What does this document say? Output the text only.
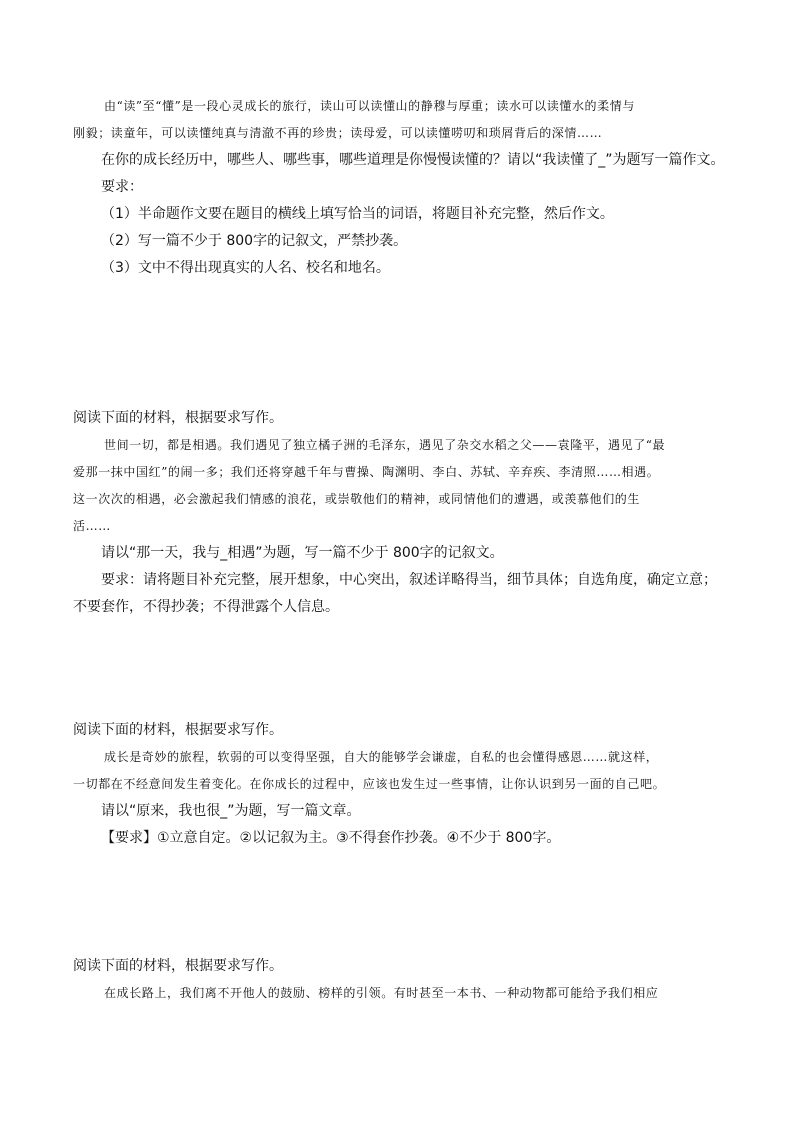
由“读”至“懂”是一段心灵成长的旅行，读山可以读懂山的静穆与厚重；读水可以读懂水的柔情与
刚毅；读童年，可以读懂纯真与清澈不再的珍贵；读母爱，可以读懂唠叨和琐屑背后的深情……
在你的成长经历中，哪些人、哪些事，哪些道理是你慢慢读懂的？请以“我读懂了_”为题写一篇作文。
要求：
（1）半命题作文要在题目的横线上填写恰当的词语，将题目补充完整，然后作文。
（2）写一篇不少于 800字的记叙文，严禁抄袭。
（3）文中不得出现真实的人名、校名和地名。
阅读下面的材料，根据要求写作。
世间一切，都是相遇。我们遇见了独立橘子洲的毛泽东，遇见了杂交水稻之父——袁隆平，遇见了“最
爱那一抹中国红”的闹一多；我们还将穿越千年与曹操、陶渊明、李白、苏轼、辛弃疾、李清照……相遇。
这一次次的相遇，必会激起我们情感的浪花，或崇敬他们的精神，或同情他们的遭遇，或羡慕他们的生
活……
请以“那一天，我与_相遇”为题，写一篇不少于 800字的记叙文。
要求：请将题目补充完整，展开想象，中心突出，叙述详略得当，细节具体；自选角度，确定立意；
不要套作，不得抄袭；不得泄露个人信息。
阅读下面的材料，根据要求写作。
成长是奇妙的旅程，软弱的可以变得坚强，自大的能够学会谦虚，自私的也会懂得感恩……就这样，
一切都在不经意间发生着变化。在你成长的过程中，应该也发生过一些事情，让你认识到另一面的自己吧。
请以“原来，我也很_”为题，写一篇文章。
【要求】①立意自定。②以记叙为主。③不得套作抄袭。④不少于 800字。
阅读下面的材料，根据要求写作。
在成长路上，我们离不开他人的鼓励、榜样的引领。有时甚至一本书、一种动物都可能给予我们相应
